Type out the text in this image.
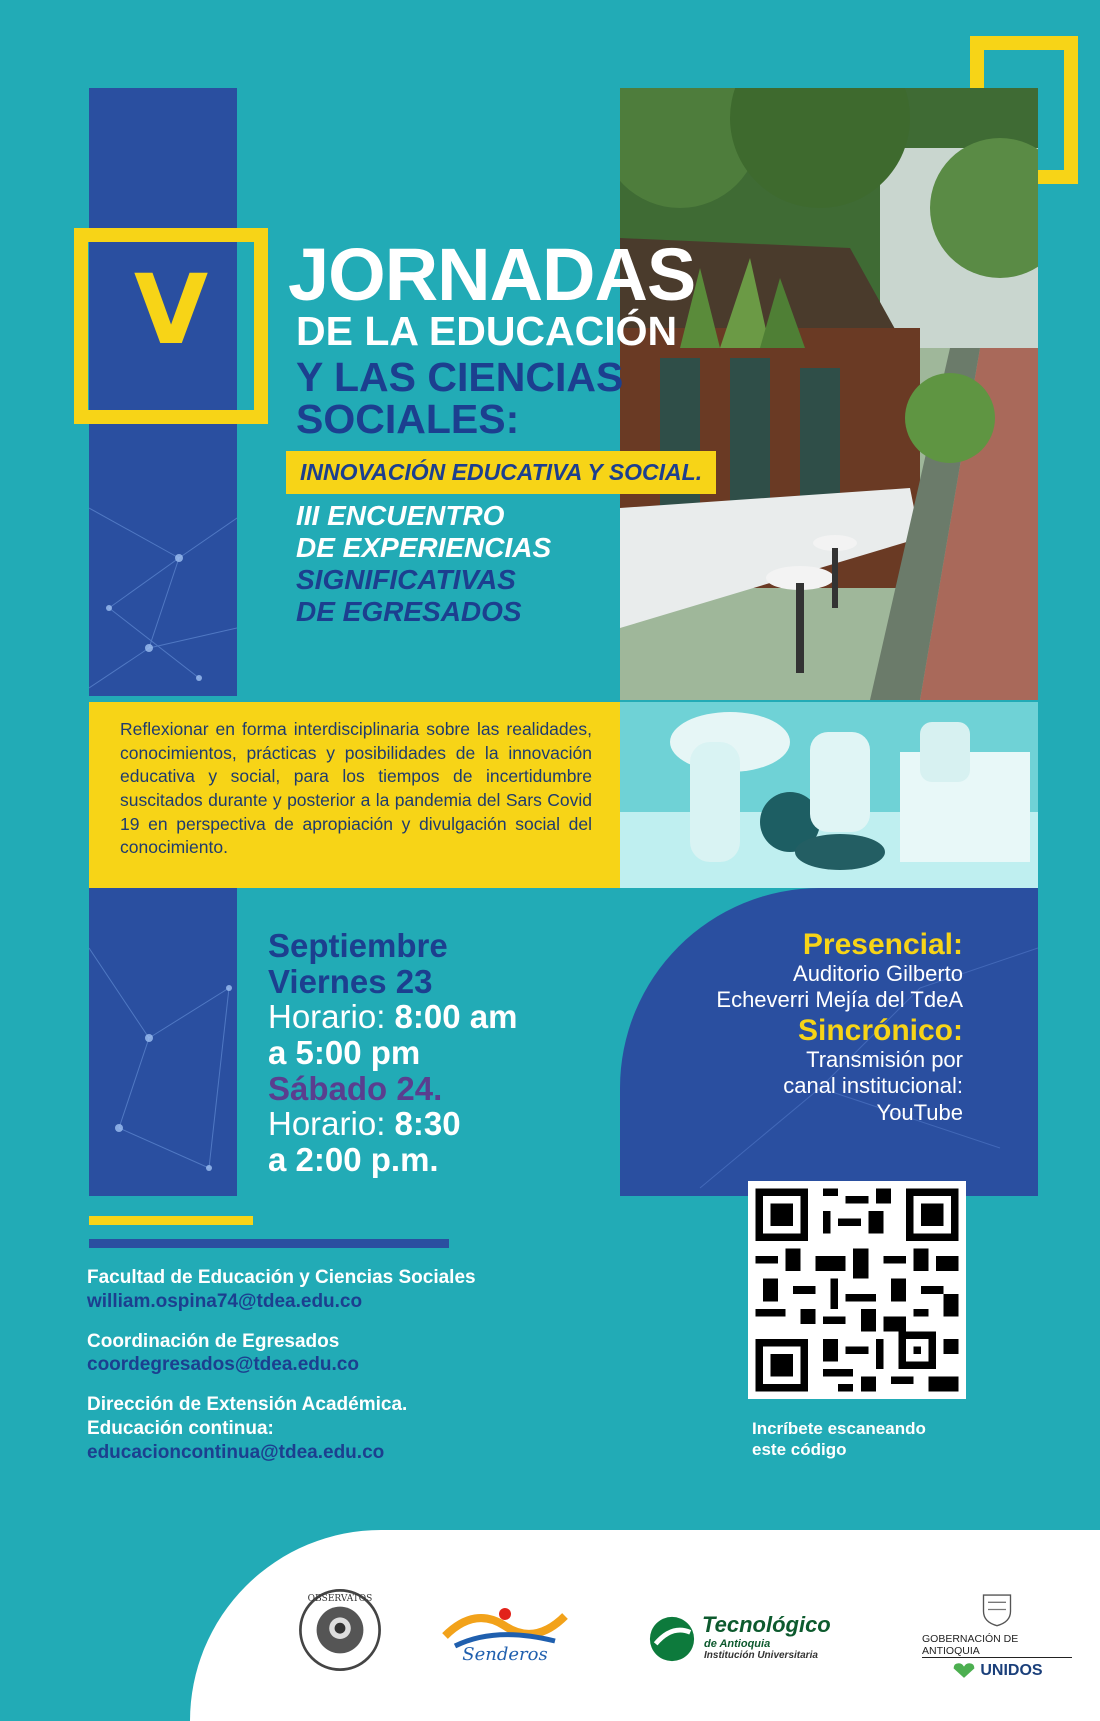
V

Reflexionar en forma interdisciplinaria sobre las realidades, conocimientos, prácticas y posibilidades de la innovación educativa y social, para los tiempos de incertidumbre suscitados durante y posterior a la pandemia del Sars Covid 19 en perspectiva de apropiación y divulgación social del conocimiento.

JORNADAS
DE LA EDUCACIÓN
Y LAS CIENCIAS
SOCIALES:
INNOVACIÓN EDUCATIVA Y SOCIAL.
III ENCUENTRO
DE EXPERIENCIAS
SIGNIFICATIVAS
DE EGRESADOS
Septiembre
Viernes 23
Horario: 8:00 am
a 5:00 pm
Sábado 24.
Horario: 8:30
a 2:00 p.m.
Presencial:
Auditorio Gilberto
Echeverri Mejía del TdeA
Sincrónico:
Transmisión por
canal institucional:
YouTube
Facultad de Educación y Ciencias Sociales
william.ospina74@tdea.edu.co
Coordinación de Egresados
coordegresados@tdea.edu.co
Dirección de Extensión Académica.
Educación continua:
educacioncontinua@tdea.edu.co
Incríbete escaneando
este código
OBSERVATOS
Senderos
Tecnológico
de Antioquia
Institución Universitaria
GOBERNACIÓN DE ANTIOQUIA
UNIDOS
